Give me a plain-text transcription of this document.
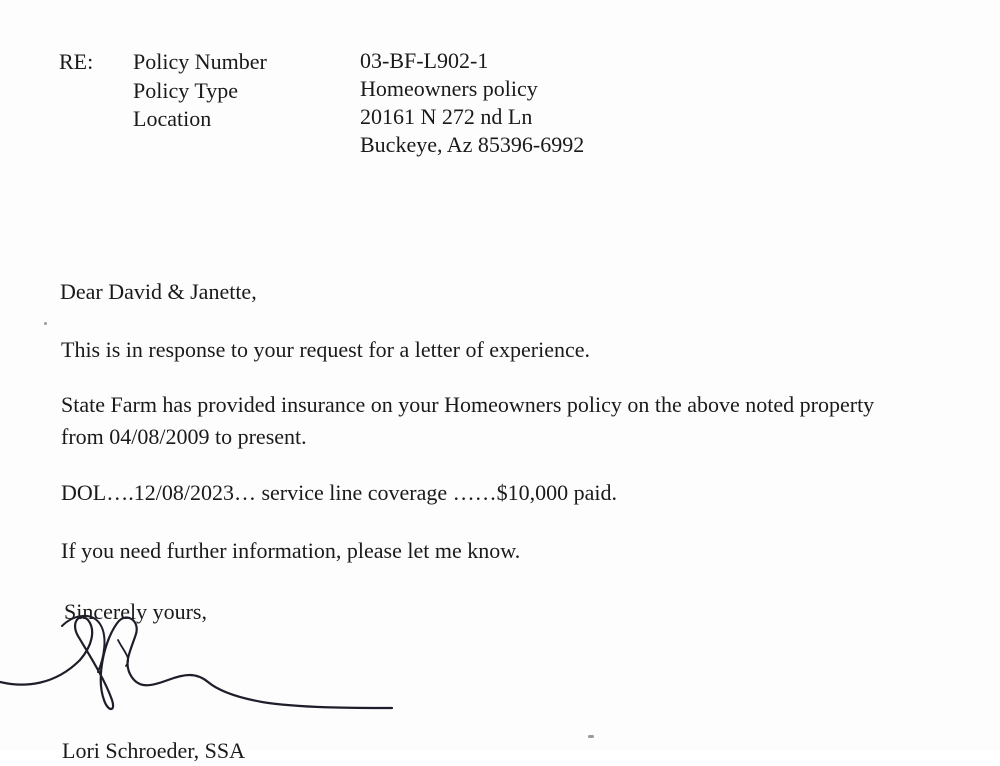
RE: Policy Number	03-BF-L902-1
Policy Type	Homeowners policy
Location	20161 N 272 nd Ln
Buckeye, Az 85396-6992
Dear David & Janette,
This is in response to your request for a letter of experience.
State Farm has provided insurance on your Homeowners policy on the above noted property
from 04/08/2009 to present.
DOL….12/08/2023… service line coverage ……$10,000 paid.
If you need further information, please let me know.
Sincerely yours,
Lori Schroeder, SSA
